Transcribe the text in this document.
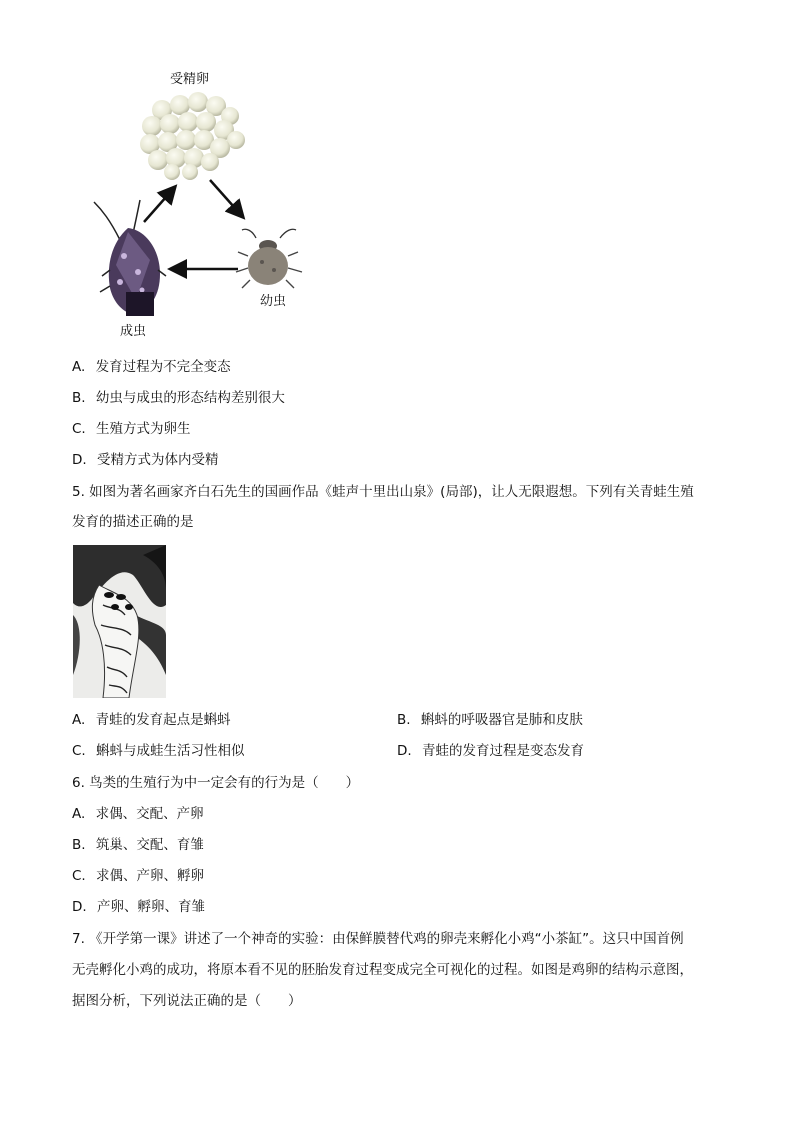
受精卵
幼虫
成虫
A. 发育过程为不完全变态
B. 幼虫与成虫的形态结构差别很大
C. 生殖方式为卵生
D. 受精方式为体内受精
5. 如图为著名画家齐白石先生的国画作品《蛙声十里出山泉》(局部)，让人无限遐想。下列有关青蛙生殖
发育的描述正确的是
A. 青蛙的发育起点是蝌蚪	B. 蝌蚪的呼吸器官是肺和皮肤
C. 蝌蚪与成蛙生活习性相似	D. 青蛙的发育过程是变态发育
6. 鸟类的生殖行为中一定会有的行为是（　　）
A. 求偶、交配、产卵
B. 筑巢、交配、育雏
C. 求偶、产卵、孵卵
D. 产卵、孵卵、育雏
7. 《开学第一课》讲述了一个神奇的实验：由保鲜膜替代鸡的卵壳来孵化小鸡“小茶缸”。这只中国首例
无壳孵化小鸡的成功，将原本看不见的胚胎发育过程变成完全可视化的过程。如图是鸡卵的结构示意图，
据图分析，下列说法正确的是（　　）
